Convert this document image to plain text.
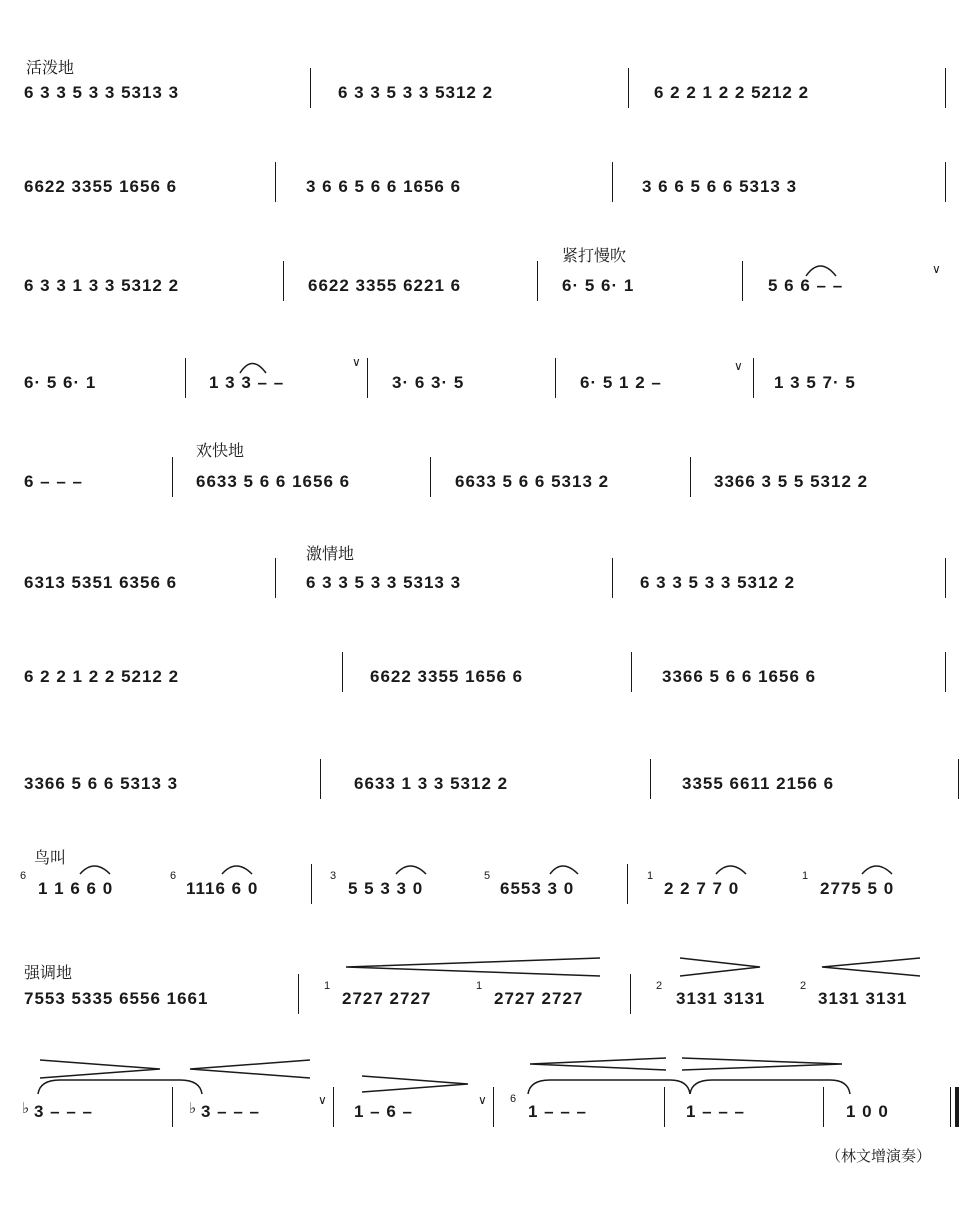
活泼地
紧打慢吹
欢快地
激情地
鸟叫
强调地
6 3 3 5 3 3 5313 3	6 3 3 5 3 3 5312 2	6 2 2 1 2 2 5212 2
6622 3355 1656 6	3 6 6 5 6 6 1656 6	3 6 6 5 6 6 5313 3
6 3 3 1 3 3 5312 2	6622 3355 6221 6	6· 5 6· 1	5 6 6 – –
6· 5 6· 1	1 3 3 – –	3· 6 3· 5	6· 5 1 2 –	1 3 5 7· 5
6 – – –	6633 5 6 6 1656 6	6633 5 6 6 5313 2	3366 3 5 5 5312 2
6313 5351 6356 6	6 3 3 5 3 3 5313 3	6 3 3 5 3 3 5312 2
6 2 2 1 2 2 5212 2	6622 3355 1656 6	3366 5 6 6 1656 6
3366 5 6 6 5313 3	6633 1 3 3 5312 2	3355 6611 2156 6
6
1 1 6 6 0
6
1116 6 0
3
5 5 3 3 0
5
6553 3 0
1
2 2 7 7 0
1
2775 5 0
7553 5335 6556 1661
1
2727 2727
1
2727 2727
2
3131 3131
2
3131 3131
♭ 3 – – –	♭ 3 – – –
∨
1 – 6 –
∨ 6
1 – – –	1 – – –	1 0 0
∨
∨	∨
（林文增演奏）
